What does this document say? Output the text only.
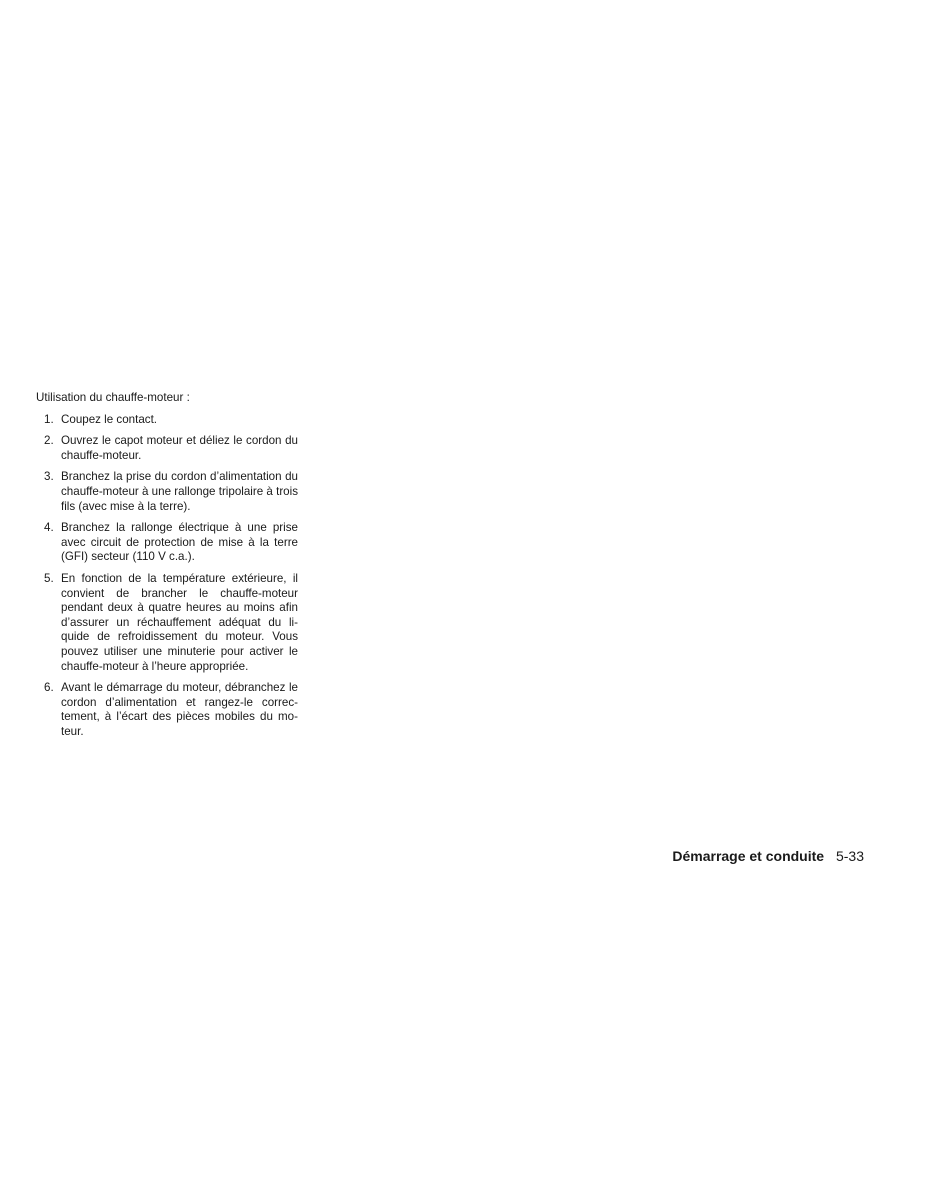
Utilisation du chauffe-moteur :

1. Coupez le contact.
2. Ouvrez le capot moteur et déliez le cordon du chauffe-moteur.
3. Branchez la prise du cordon d’alimentation du chauffe-moteur à une rallonge tripolaire à trois fils (avec mise à la terre).
4. Branchez la rallonge électrique à une prise avec circuit de protection de mise à la terre (GFI) secteur (110 V c.a.).
5. En fonction de la température extérieure, il convient de brancher le chauffe-moteur pendant deux à quatre heures au moins afin d’assurer un réchauffement adéquat du li-quide de refroidissement du moteur. Vous pouvez utiliser une minuterie pour activer le chauffe-moteur à l’heure appropriée.
6. Avant le démarrage du moteur, débranchez le cordon d’alimentation et rangez-le correc-tement, à l’écart des pièces mobiles du mo-teur.
Démarrage et conduite 5-33
